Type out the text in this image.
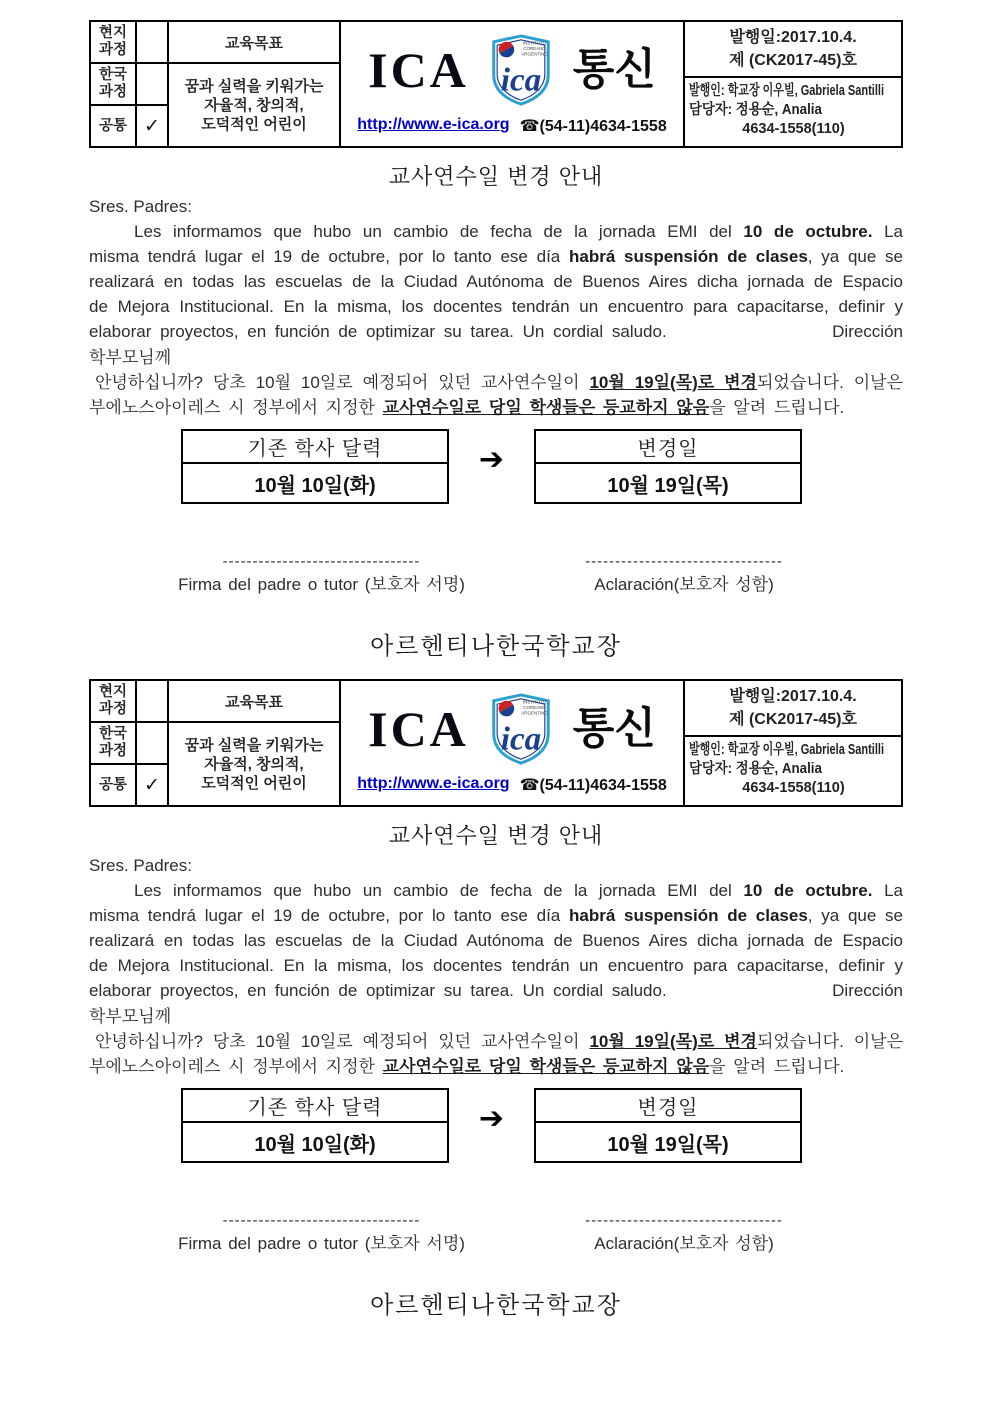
현지
과정
한국
과정
공통 ✓
교육목표
꿈과 실력을 키워가는
자율적, 창의적,
도덕적인 어린이
ICA	INSTITUTO
COREANO
ARGENTINO
ica 통신
http://www.e-ica.org ☎(54-11)4634-1558
발행일:2017.10.4.
제 (CK2017-45)호
발행인: 학교장 이우빌, Gabriela Santilli
담당자: 정용순, Analia
4634-1558(110)
교사연수일 변경 안내

Sres. Padres:

Les informamos que hubo un cambio de fecha de la jornada EMI del 10 de octubre. La misma tendrá lugar el 19 de octubre, por lo tanto ese día habrá suspensión de clases, ya que se realizará en todas las escuelas de la Ciudad Autónoma de Buenos Aires dicha jornada de Espacio de Mejora Institucional. En la misma, los docentes tendrán un encuentro para capacitarse, definir y elaborar proyectos, en función de optimizar su tarea. Un cordial saludo.	Dirección

학부모님께

안녕하십니까? 당초 10월 10일로 예정되어 있던 교사연수일이 10월 19일(목)로 변경되었습니다. 이날은 부에노스아이레스 시 정부에서 지정한 교사연수일로 당일 학생들은 등교하지 않음을 알려 드립니다.

기존 학사 달력
10월 10일(화)
➔	변경일
10월 19일(목)
---------------------------------
Firma del padre o tutor (보호자 서명)
---------------------------------
Aclaración(보호자 성함)
아르헨티나한국학교장
현지
과정
한국
과정
공통 ✓
교육목표
꿈과 실력을 키워가는
자율적, 창의적,
도덕적인 어린이
ICA	INSTITUTO
COREANO
ARGENTINO
ica 통신
http://www.e-ica.org ☎(54-11)4634-1558
발행일:2017.10.4.
제 (CK2017-45)호
발행인: 학교장 이우빌, Gabriela Santilli
담당자: 정용순, Analia
4634-1558(110)
교사연수일 변경 안내

Sres. Padres:

Les informamos que hubo un cambio de fecha de la jornada EMI del 10 de octubre. La misma tendrá lugar el 19 de octubre, por lo tanto ese día habrá suspensión de clases, ya que se realizará en todas las escuelas de la Ciudad Autónoma de Buenos Aires dicha jornada de Espacio de Mejora Institucional. En la misma, los docentes tendrán un encuentro para capacitarse, definir y elaborar proyectos, en función de optimizar su tarea. Un cordial saludo.	Dirección

학부모님께

안녕하십니까? 당초 10월 10일로 예정되어 있던 교사연수일이 10월 19일(목)로 변경되었습니다. 이날은 부에노스아이레스 시 정부에서 지정한 교사연수일로 당일 학생들은 등교하지 않음을 알려 드립니다.

기존 학사 달력
10월 10일(화)
➔	변경일
10월 19일(목)
---------------------------------
Firma del padre o tutor (보호자 서명)
---------------------------------
Aclaración(보호자 성함)
아르헨티나한국학교장
